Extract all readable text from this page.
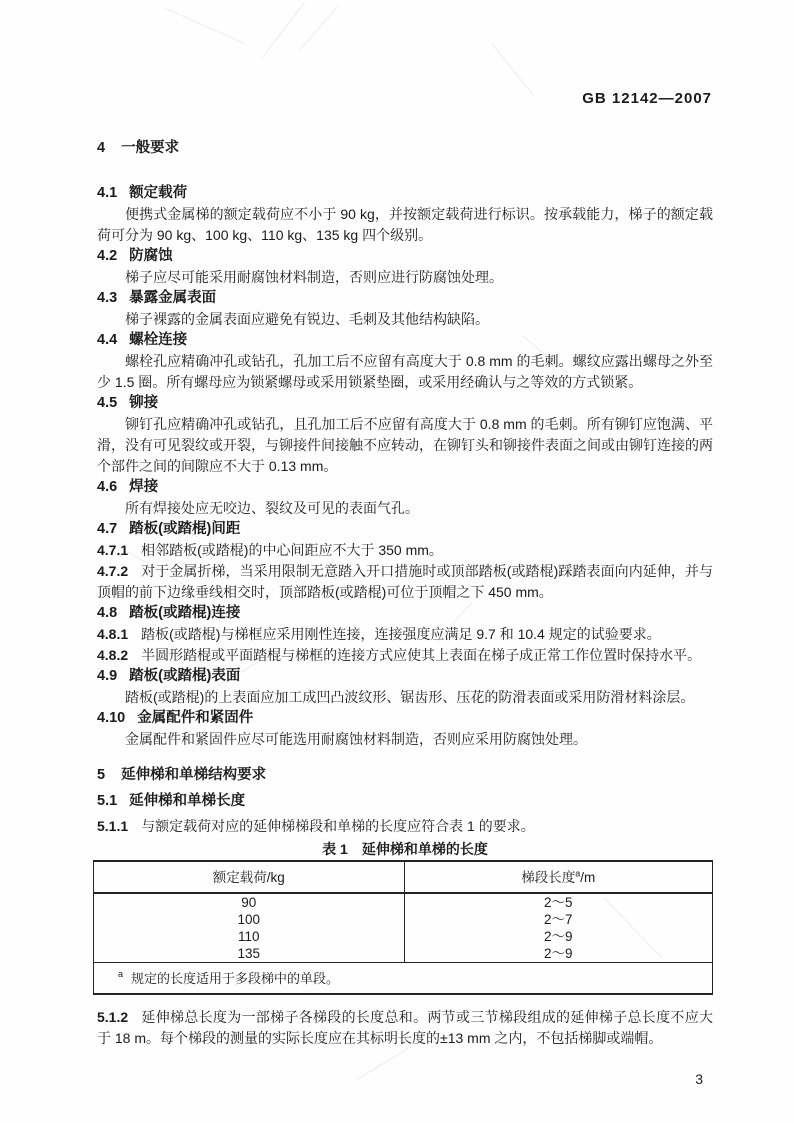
GB 12142—2007
4 一般要求
4.1 额定载荷

便携式金属梯的额定载荷应不小于 90 kg，并按额定载荷进行标识。按承载能力，梯子的额定载荷可分为 90 kg、100 kg、110 kg、135 kg 四个级别。

4.2 防腐蚀

梯子应尽可能采用耐腐蚀材料制造，否则应进行防腐蚀处理。

4.3 暴露金属表面

梯子裸露的金属表面应避免有锐边、毛刺及其他结构缺陷。

4.4 螺栓连接

螺栓孔应精确冲孔或钻孔，孔加工后不应留有高度大于 0.8 mm 的毛刺。螺纹应露出螺母之外至少 1.5 圈。所有螺母应为锁紧螺母或采用锁紧垫圈，或采用经确认与之等效的方式锁紧。

4.5 铆接

铆钉孔应精确冲孔或钻孔，且孔加工后不应留有高度大于 0.8 mm 的毛刺。所有铆钉应饱满、平滑，没有可见裂纹或开裂，与铆接件间接触不应转动，在铆钉头和铆接件表面之间或由铆钉连接的两个部件之间的间隙应不大于 0.13 mm。

4.6 焊接

所有焊接处应无咬边、裂纹及可见的表面气孔。

4.7 踏板(或踏棍)间距

4.7.1 相邻踏板(或踏棍)的中心间距应不大于 350 mm。

4.7.2 对于金属折梯，当采用限制无意踏入开口措施时或顶部踏板(或踏棍)踩踏表面向内延伸，并与顶帽的前下边缘垂线相交时，顶部踏板(或踏棍)可位于顶帽之下 450 mm。

4.8 踏板(或踏棍)连接

4.8.1 踏板(或踏棍)与梯框应采用刚性连接，连接强度应满足 9.7 和 10.4 规定的试验要求。

4.8.2 半圆形踏棍或平面踏棍与梯框的连接方式应使其上表面在梯子成正常工作位置时保持水平。

4.9 踏板(或踏棍)表面

踏板(或踏棍)的上表面应加工成凹凸波纹形、锯齿形、压花的防滑表面或采用防滑材料涂层。

4.10 金属配件和紧固件

金属配件和紧固件应尽可能选用耐腐蚀材料制造，否则应采用防腐蚀处理。

5 延伸梯和单梯结构要求
5.1 延伸梯和单梯长度

5.1.1 与额定载荷对应的延伸梯梯段和单梯的长度应符合表 1 的要求。

表 1 延伸梯和单梯的长度
额定载荷/kg	梯段长度$^a$/m
90	2～5
100	2～7
110	2～9
135	2～9
$^a$ 规定的长度适用于多段梯中的单段。	

5.1.2 延伸梯总长度为一部梯子各梯段的长度总和。两节或三节梯段组成的延伸梯子总长度不应大于 18 m。每个梯段的测量的实际长度应在其标明长度的±13 mm 之内，不包括梯脚或端帽。

3
